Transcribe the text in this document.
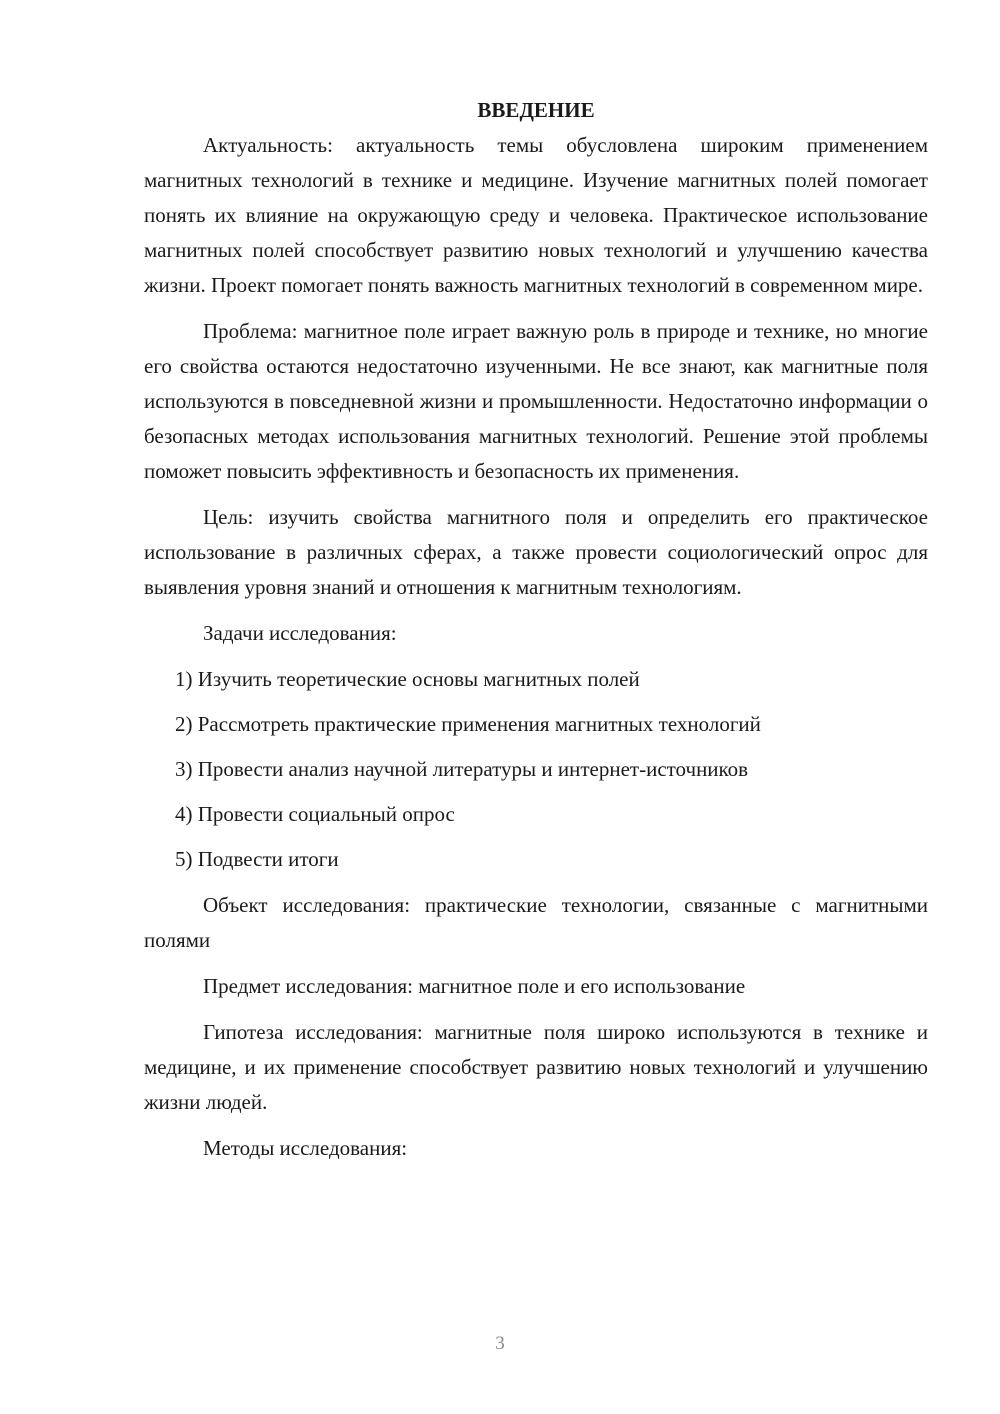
ВВЕДЕНИЕ

Актуальность: актуальность темы обусловлена широким применением магнитных технологий в технике и медицине. Изучение магнитных полей помогает понять их влияние на окружающую среду и человека. Практическое использование магнитных полей способствует развитию новых технологий и улучшению качества жизни. Проект помогает понять важность магнитных технологий в современном мире.

Проблема: магнитное поле играет важную роль в природе и технике, но многие его свойства остаются недостаточно изученными. Не все знают, как магнитные поля используются в повседневной жизни и промышленности. Недостаточно информации о безопасных методах использования магнитных технологий. Решение этой проблемы поможет повысить эффективность и безопасность их применения.

Цель: изучить свойства магнитного поля и определить его практическое использование в различных сферах, а также провести социологический опрос для выявления уровня знаний и отношения к магнитным технологиям.

Задачи исследования:

1) Изучить теоретические основы магнитных полей
2) Рассмотреть практические применения магнитных технологий
3) Провести анализ научной литературы и интернет-источников
4) Провести социальный опрос
5) Подвести итоги

Объект исследования: практические технологии, связанные с магнитными полями

Предмет исследования: магнитное поле и его использование

Гипотеза исследования: магнитные поля широко используются в технике и медицине, и их применение способствует развитию новых технологий и улучшению жизни людей.

Методы исследования:

3
